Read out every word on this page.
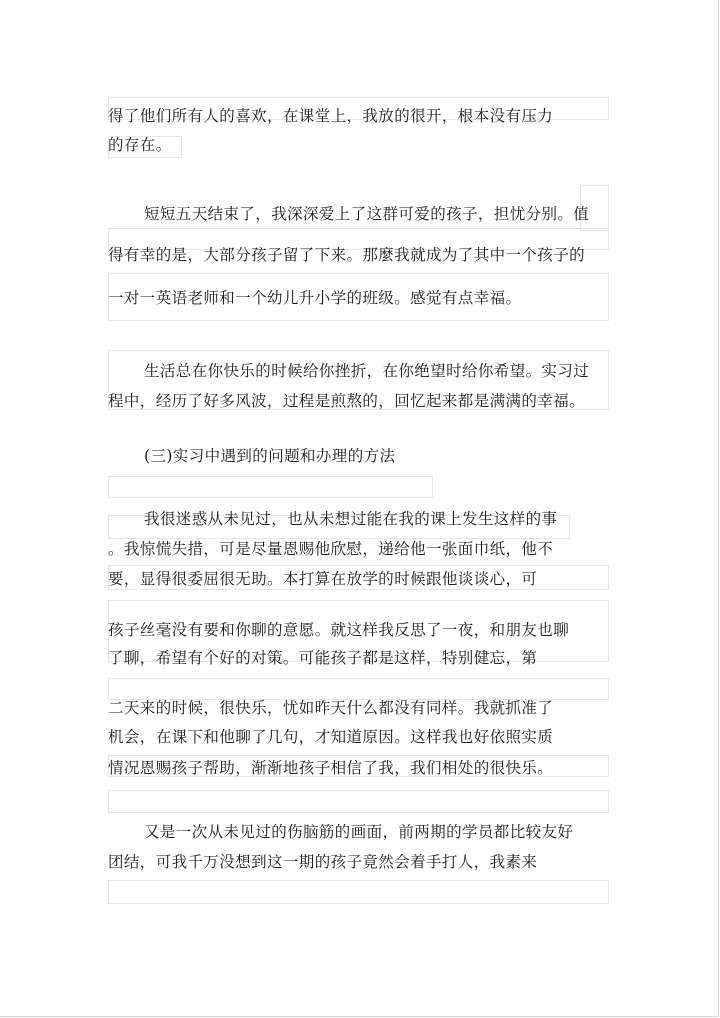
得了他们所有人的喜欢，在课堂上，我放的很开，根本没有压力
的存在。
短短五天结束了，我深深爱上了这群可爱的孩子，担忧分别。值
得有幸的是，大部分孩子留了下来。那麼我就成为了其中一个孩子的
一对一英语老师和一个幼儿升小学的班级。感觉有点幸福。
生活总在你快乐的时候给你挫折，在你绝望时给你希望。实习过
程中，经历了好多风波，过程是煎熬的，回忆起来都是满满的幸福。
(三)实习中遇到的问题和办理的方法
我很迷惑从未见过，也从未想过能在我的课上发生这样的事
。我惊慌失措，可是尽量恩赐他欣慰，递给他一张面巾纸，他不
要，显得很委屈很无助。本打算在放学的时候跟他谈谈心，可
孩子丝毫没有要和你聊的意愿。就这样我反思了一夜，和朋友也聊
了聊，希望有个好的对策。可能孩子都是这样，特别健忘，第
二天来的时候，很快乐，忧如昨天什么都没有同样。我就抓准了
机会，在课下和他聊了几句，才知道原因。这样我也好依照实质
情况恩赐孩子帮助，渐渐地孩子相信了我，我们相处的很快乐。
又是一次从未见过的伤脑筋的画面，前两期的学员都比较友好
团结，可我千万没想到这一期的孩子竟然会着手打人，我素来
